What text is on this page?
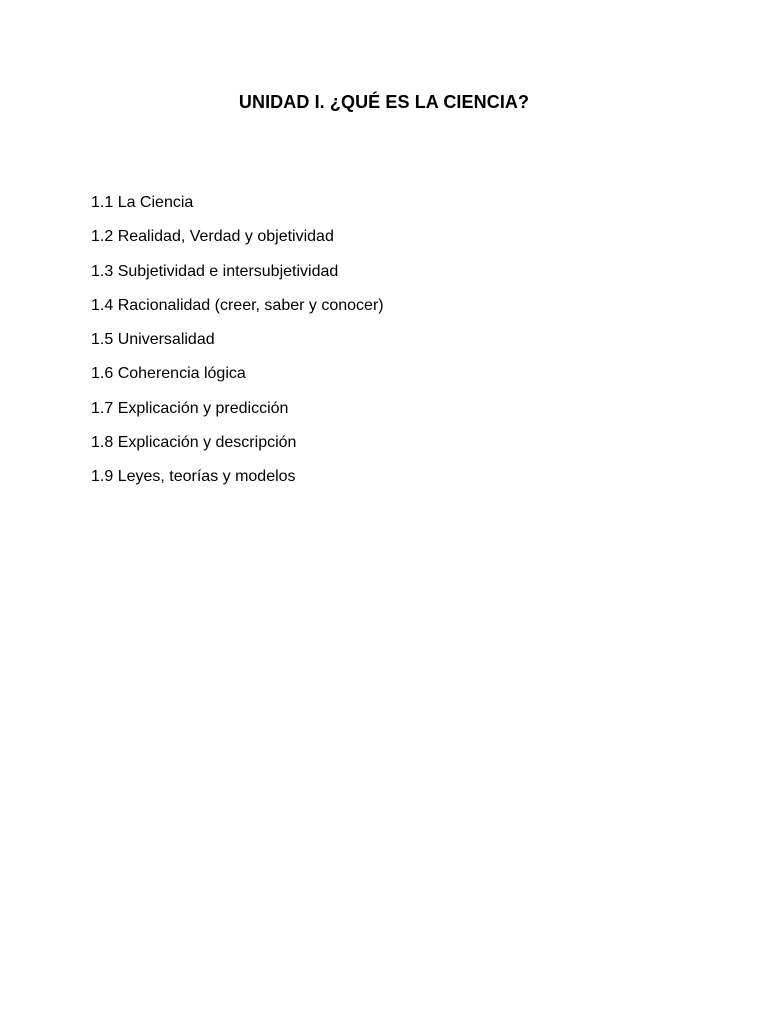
UNIDAD I. ¿QUÉ ES LA CIENCIA?
1.1 La Ciencia
1.2 Realidad, Verdad y objetividad
1.3 Subjetividad e intersubjetividad
1.4 Racionalidad (creer, saber y conocer)
1.5 Universalidad
1.6 Coherencia lógica
1.7 Explicación y predicción
1.8 Explicación y descripción
1.9 Leyes, teorías y modelos
